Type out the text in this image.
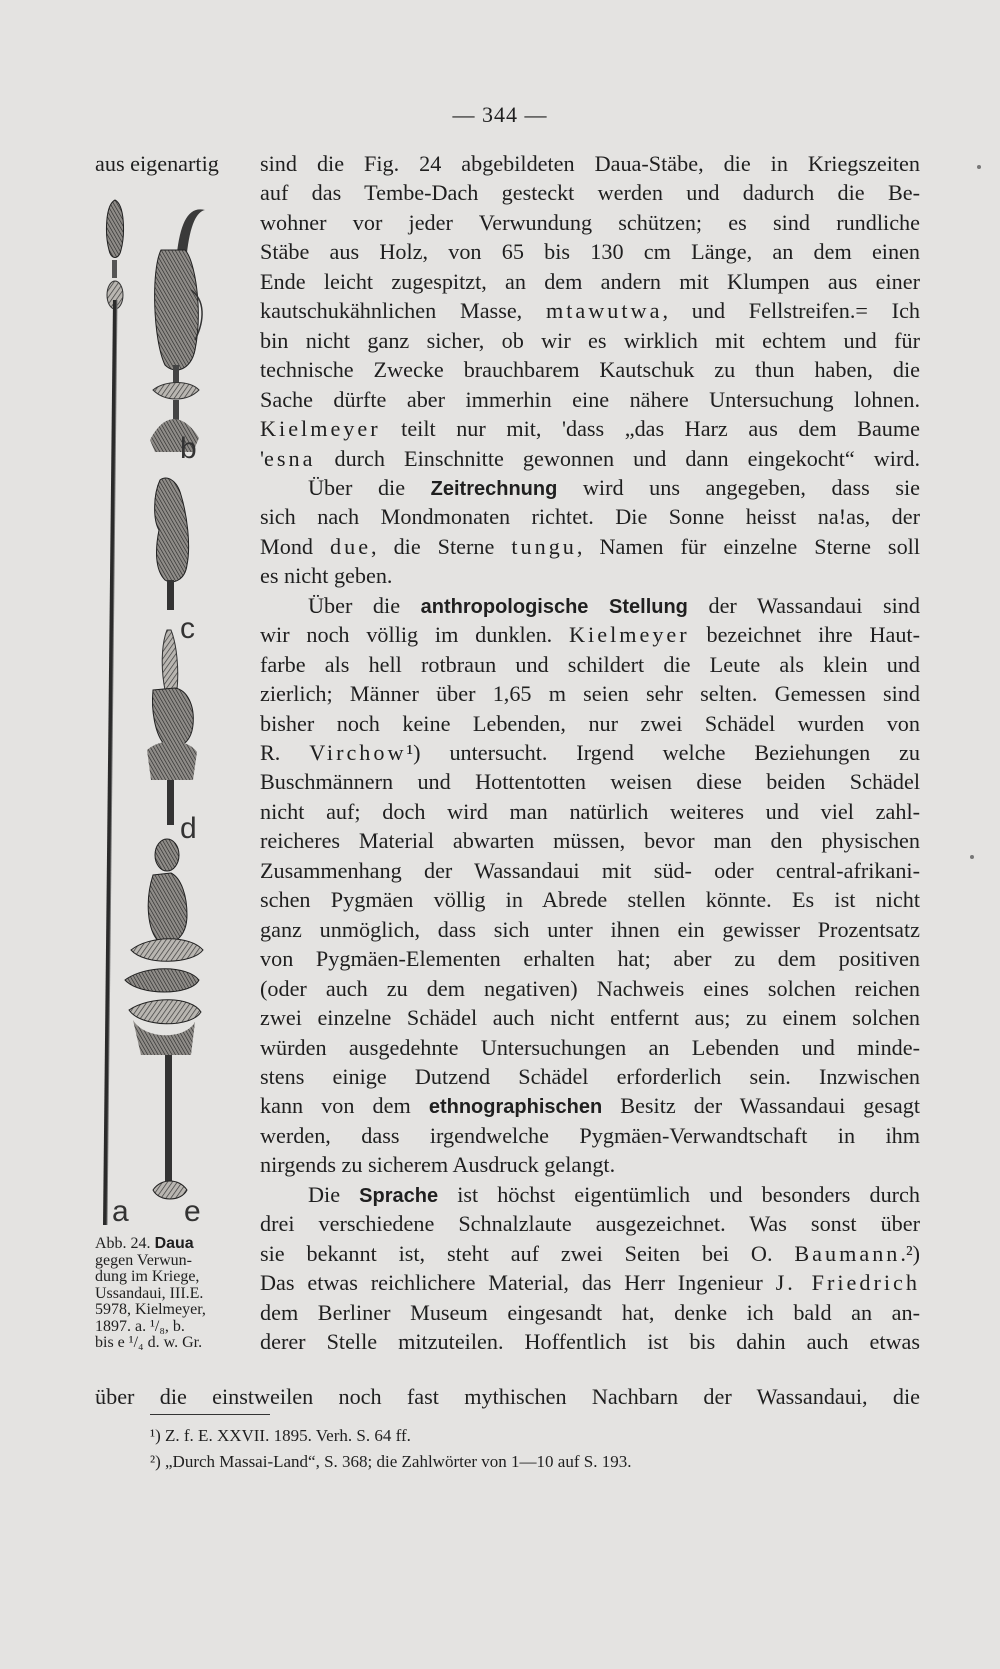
— 344 —
aus eigenartig sind die Fig. 24 abgebildeten Daua-Stäbe, die in Kriegszeiten
auf das Tembe-Dach gesteckt werden und dadurch die Be-
wohner vor jeder Verwundung schützen; es sind rundliche
Stäbe aus Holz, von 65 bis 130 cm Länge, an dem einen
Ende leicht zugespitzt, an dem andern mit Klumpen aus einer
kautschukähnlichen Masse, mtawutwa, und Fellstreifen.= Ich
bin nicht ganz sicher, ob wir es wirklich mit echtem und für
technische Zwecke brauchbarem Kautschuk zu thun haben, die
Sache dürfte aber immerhin eine nähere Untersuchung lohnen.
Kielmeyer teilt nur mit, 'dass „das Harz aus dem Baume
'esna durch Einschnitte gewonnen und dann eingekocht“ wird.
Über die Zeitrechnung wird uns angegeben, dass sie
sich nach Mondmonaten richtet. Die Sonne heisst na!as, der
Mond due, die Sterne tungu, Namen für einzelne Sterne soll
es nicht geben.
Über die anthropologische Stellung der Wassandaui sind
wir noch völlig im dunklen. Kielmeyer bezeichnet ihre Haut-
farbe als hell rotbraun und schildert die Leute als klein und
zierlich; Männer über 1,65 m seien sehr selten. Gemessen sind
bisher noch keine Lebenden, nur zwei Schädel wurden von
R. Virchow¹) untersucht. Irgend welche Beziehungen zu
Buschmännern und Hottentotten weisen diese beiden Schädel
nicht auf; doch wird man natürlich weiteres und viel zahl-
reicheres Material abwarten müssen, bevor man den physischen
Zusammenhang der Wassandaui mit süd- oder central-afrikani-
schen Pygmäen völlig in Abrede stellen könnte. Es ist nicht
ganz unmöglich, dass sich unter ihnen ein gewisser Prozentsatz
von Pygmäen-Elementen erhalten hat; aber zu dem positiven
(oder auch zu dem negativen) Nachweis eines solchen reichen
zwei einzelne Schädel auch nicht entfernt aus; zu einem solchen
würden ausgedehnte Untersuchungen an Lebenden und minde-
stens einige Dutzend Schädel erforderlich sein. Inzwischen
kann von dem ethnographischen Besitz der Wassandaui gesagt
werden, dass irgendwelche Pygmäen-Verwandtschaft in ihm
nirgends zu sicherem Ausdruck gelangt.
Die Sprache ist höchst eigentümlich und besonders durch
drei verschiedene Schnalzlaute ausgezeichnet. Was sonst über
sie bekannt ist, steht auf zwei Seiten bei O. Baumann.²)
Das etwas reichlichere Material, das Herr Ingenieur J. Friedrich
dem Berliner Museum eingesandt hat, denke ich bald an an-
derer Stelle mitzuteilen. Hoffentlich ist bis dahin auch etwas
über die einstweilen noch fast mythischen Nachbarn der Wassandaui, die
b
c
d
a e
Abb. 24. Daua
gegen Verwun-
dung im Kriege,
Ussandaui, III.E.
5978, Kielmeyer,
1897. a. ¹/₈, b.
bis e ¹/₄ d. w. Gr.
¹) Z. f. E. XXVII. 1895. Verh. S. 64 ff.
²) „Durch Massai-Land“, S. 368; die Zahlwörter von 1—10 auf S. 193.
